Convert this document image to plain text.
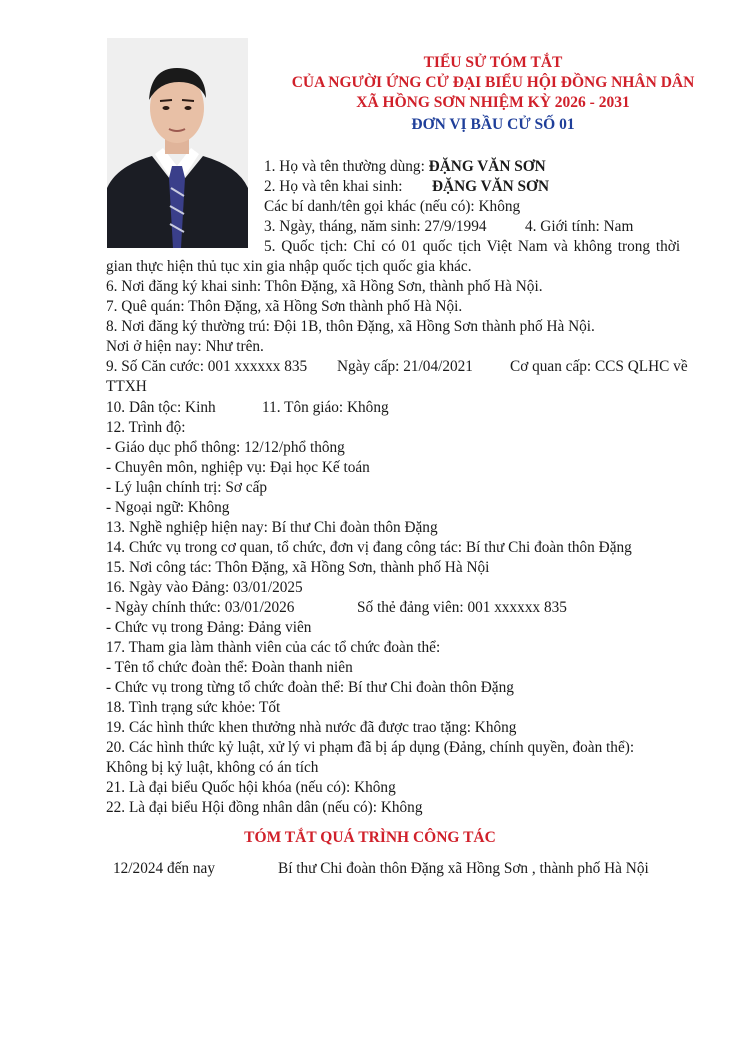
TIỂU SỬ TÓM TẮT
CỦA NGƯỜI ỨNG CỬ ĐẠI BIỂU HỘI ĐỒNG NHÂN DÂN
XÃ HỒNG SƠN NHIỆM KỲ 2026 - 2031
ĐƠN VỊ BẦU CỬ SỐ 01
1. Họ và tên thường dùng: ĐẶNG VĂN SƠN
2. Họ và tên khai sinh: ĐẶNG VĂN SƠN
Các bí danh/tên gọi khác (nếu có): Không
3. Ngày, tháng, năm sinh: 27/9/1994	4. Giới tính: Nam
5. Quốc tịch: Chỉ có 01 quốc tịch Việt Nam và không trong thời
gian thực hiện thủ tục xin gia nhập quốc tịch quốc gia khác.
6. Nơi đăng ký khai sinh: Thôn Đặng, xã Hồng Sơn, thành phố Hà Nội.
7. Quê quán: Thôn Đặng, xã Hồng Sơn thành phố Hà Nội.
8. Nơi đăng ký thường trú: Đội 1B, thôn Đặng, xã Hồng Sơn thành phố Hà Nội.
Nơi ở hiện nay: Như trên.
9. Số Căn cước: 001 xxxxxx 835 Ngày cấp: 21/04/2021 Cơ quan cấp: CCS QLHC về
TTXH
10. Dân tộc: Kinh	11. Tôn giáo: Không
12. Trình độ:
- Giáo dục phổ thông: 12/12/phổ thông
- Chuyên môn, nghiệp vụ: Đại học Kế toán
- Lý luận chính trị: Sơ cấp
- Ngoại ngữ: Không
13. Nghề nghiệp hiện nay: Bí thư Chi đoàn thôn Đặng
14. Chức vụ trong cơ quan, tổ chức, đơn vị đang công tác: Bí thư Chi đoàn thôn Đặng
15. Nơi công tác: Thôn Đặng, xã Hồng Sơn, thành phố Hà Nội
16. Ngày vào Đảng: 03/01/2025
- Ngày chính thức: 03/01/2026	Số thẻ đảng viên: 001 xxxxxx 835
- Chức vụ trong Đảng: Đảng viên
17. Tham gia làm thành viên của các tổ chức đoàn thể:
- Tên tổ chức đoàn thể: Đoàn thanh niên
- Chức vụ trong từng tổ chức đoàn thể: Bí thư Chi đoàn thôn Đặng
18. Tình trạng sức khỏe: Tốt
19. Các hình thức khen thưởng nhà nước đã được trao tặng: Không
20. Các hình thức kỷ luật, xử lý vi phạm đã bị áp dụng (Đảng, chính quyền, đoàn thể):
Không bị kỷ luật, không có án tích
21. Là đại biểu Quốc hội khóa (nếu có): Không
22. Là đại biểu Hội đồng nhân dân (nếu có): Không
TÓM TẮT QUÁ TRÌNH CÔNG TÁC
12/2024 đến nay	Bí thư Chi đoàn thôn Đặng xã Hồng Sơn , thành phố Hà Nội
